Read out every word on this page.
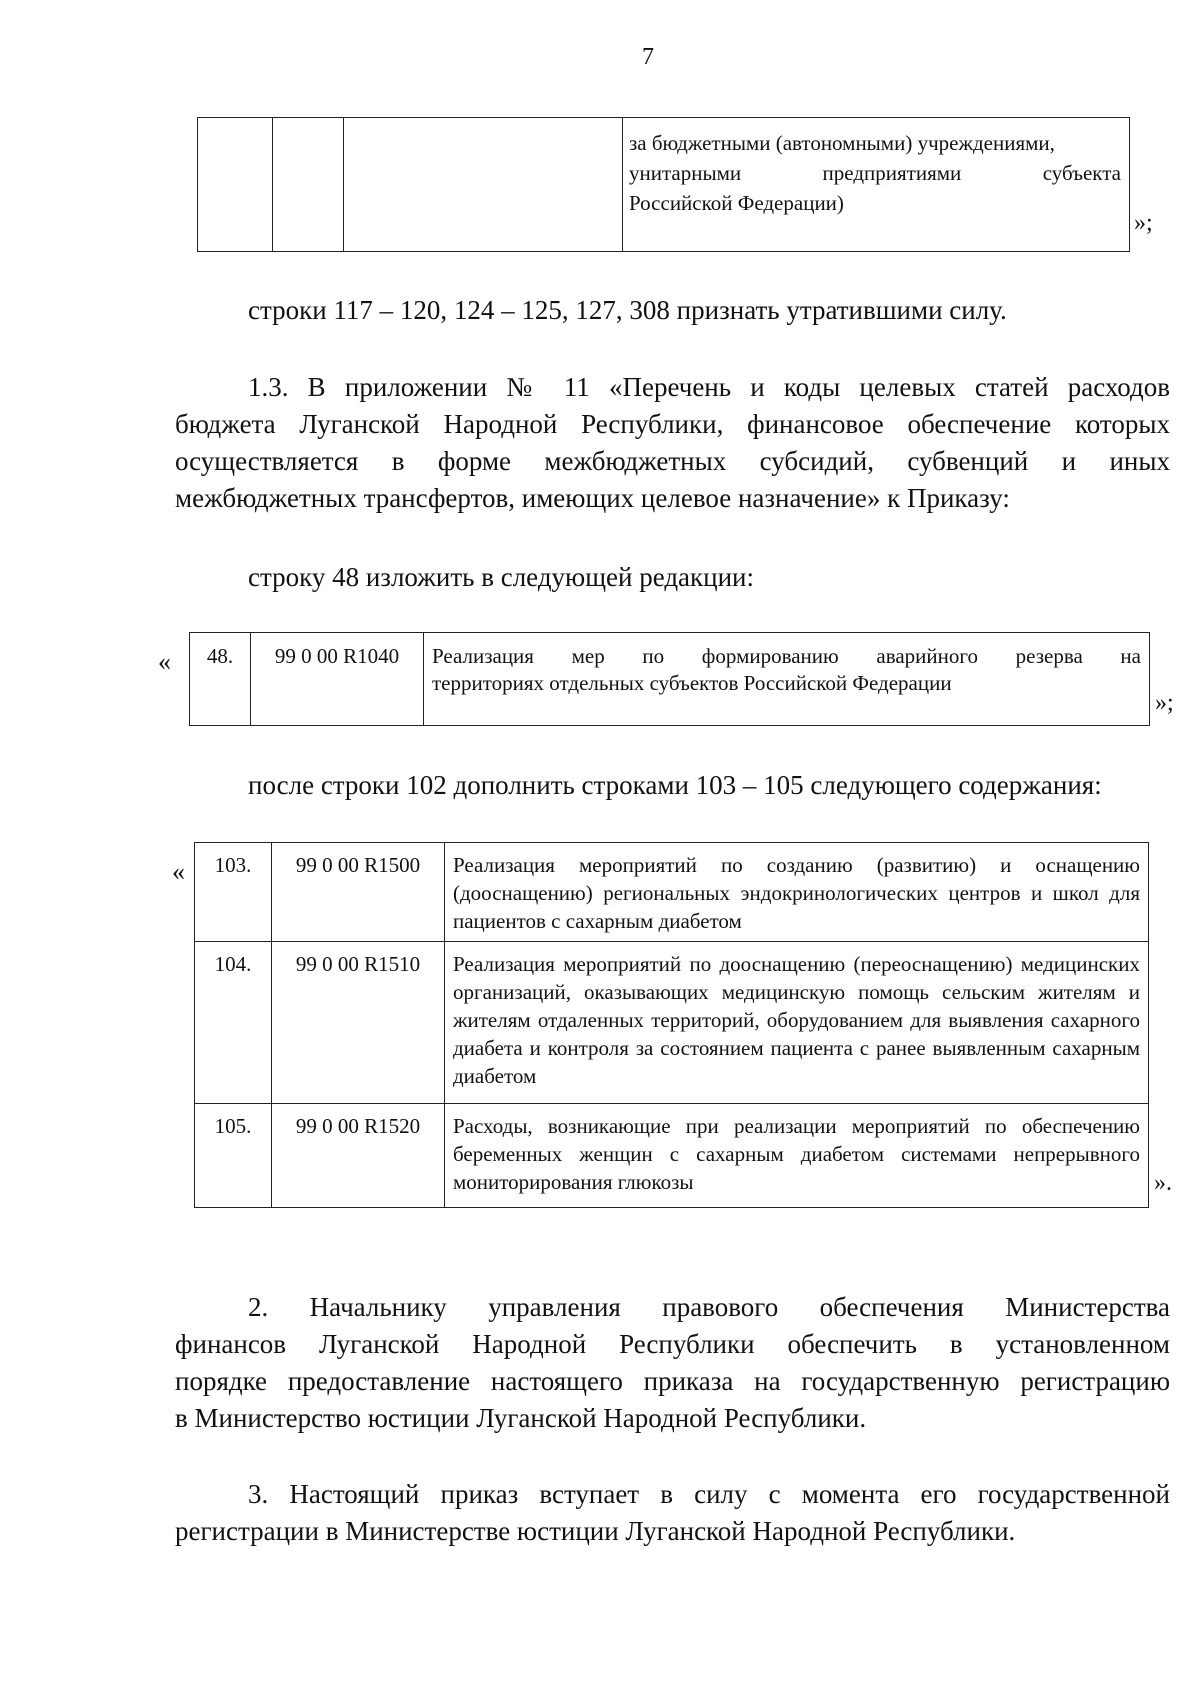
7

за бюджетными (автономными) учреждениями,
унитарными предприятиями субъекта
Российской Федерации)
»;
строки 117 – 120, 124 – 125, 127, 308 признать утратившими силу.
1.3. В приложении № 11 «Перечень и коды целевых статей расходов
бюджета Луганской Народной Республики, финансовое обеспечение которых
осуществляется в форме межбюджетных субсидий, субвенций и иных
межбюджетных трансфертов, имеющих целевое назначение» к Приказу:
строку 48 изложить в следующей редакции:
« 48.	99 0 00 R1040	Реализация мер по формированию аварийного резерва на
территориях отдельных субъектов Российской Федерации
»;
после строки 102 дополнить строками 103 – 105 следующего содержания:
« 103.	99 0 00 R1500	Реализация мероприятий по созданию (развитию) и оснащению (дооснащению) региональных эндокринологических центров и школ для пациентов с сахарным диабетом
104.	99 0 00 R1510	Реализация мероприятий по дооснащению (переоснащению) медицинских организаций, оказывающих медицинскую помощь сельским жителям и жителям отдаленных территорий, оборудованием для выявления сахарного диабета и контроля за состоянием пациента с ранее выявленным сахарным диабетом
105.	99 0 00 R1520	Расходы, возникающие при реализации мероприятий по обеспечению беременных женщин с сахарным диабетом системами непрерывного мониторирования глюкозы	».
2. Начальнику управления правового обеспечения Министерства
финансов Луганской Народной Республики обеспечить в установленном
порядке предоставление настоящего приказа на государственную регистрацию
в Министерство юстиции Луганской Народной Республики.
3. Настоящий приказ вступает в силу с момента его государственной
регистрации в Министерстве юстиции Луганской Народной Республики.
